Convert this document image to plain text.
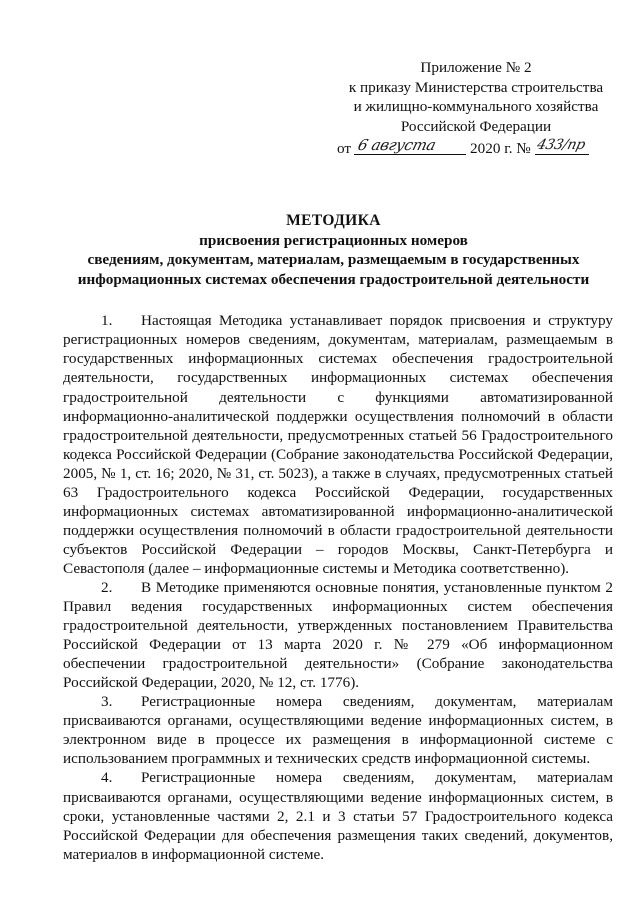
Приложение № 2
к приказу Министерства строительства
и жилищно-коммунального хозяйства
Российской Федерации
от 6 августа 2020 г. № 433/пр
МЕТОДИКА
присвоения регистрационных номеров
сведениям, документам, материалам, размещаемым в государственных
информационных системах обеспечения градостроительной деятельности

1. Настоящая Методика устанавливает порядок присвоения и структуру регистрационных номеров сведениям, документам, материалам, размещаемым в государственных информационных системах обеспечения градостроительной деятельности, государственных информационных системах обеспечения градостроительной деятельности с функциями автоматизированной информационно-аналитической поддержки осуществления полномочий в области градостроительной деятельности, предусмотренных статьей 56 Градостроительного кодекса Российской Федерации (Собрание законодательства Российской Федерации, 2005, № 1, ст. 16; 2020, № 31, ст. 5023), а также в случаях, предусмотренных статьей 63 Градостроительного кодекса Российской Федерации, государственных информационных системах автоматизированной информационно-аналитической поддержки осуществления полномочий в области градостроительной деятельности субъектов Российской Федерации – городов Москвы, Санкт-Петербурга и Севастополя (далее – информационные системы и Методика соответственно).

2. В Методике применяются основные понятия, установленные пунктом 2 Правил ведения государственных информационных систем обеспечения градостроительной деятельности, утвержденных постановлением Правительства Российской Федерации от 13 марта 2020 г. № 279 «Об информационном обеспечении градостроительной деятельности» (Собрание законодательства Российской Федерации, 2020, № 12, ст. 1776).

3. Регистрационные номера сведениям, документам, материалам присваиваются органами, осуществляющими ведение информационных систем, в электронном виде в процессе их размещения в информационной системе с использованием программных и технических средств информационной системы.

4. Регистрационные номера сведениям, документам, материалам присваиваются органами, осуществляющими ведение информационных систем, в сроки, установленные частями 2, 2.1 и 3 статьи 57 Градостроительного кодекса Российской Федерации для обеспечения размещения таких сведений, документов, материалов в информационной системе.
